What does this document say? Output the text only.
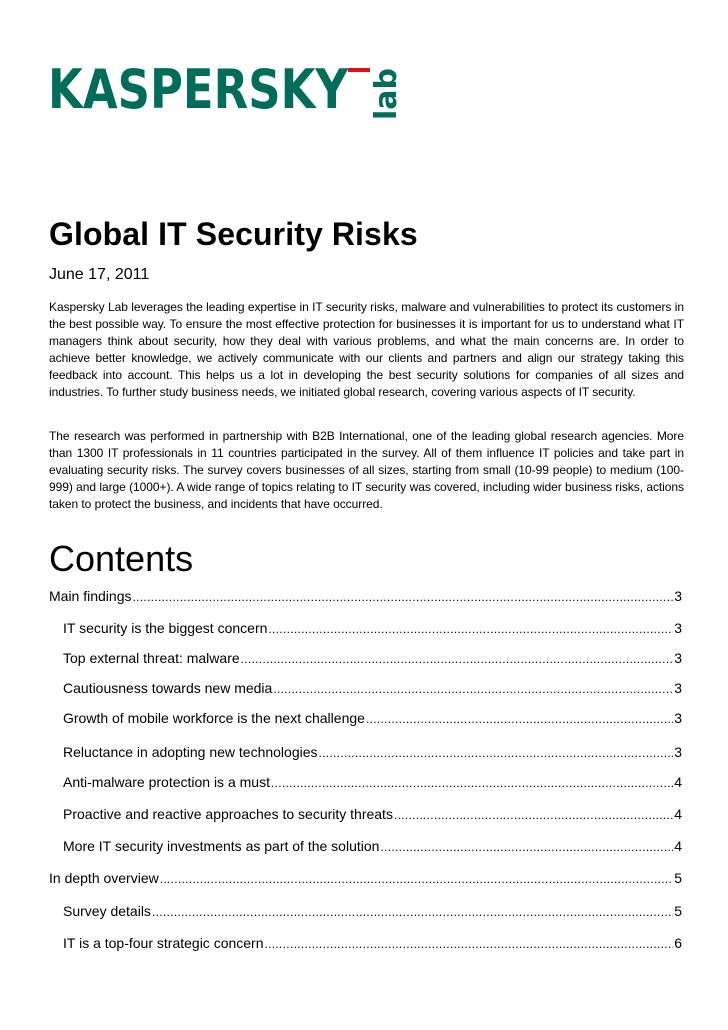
KASPERSKY lab
Global IT Security Risks
June 17, 2011

Kaspersky Lab leverages the leading expertise in IT security risks, malware and vulnerabilities to protect its customers in the best possible way. To ensure the most effective protection for businesses it is important for us to understand what IT managers think about security, how they deal with various problems, and what the main concerns are. In order to achieve better knowledge, we actively communicate with our clients and partners and align our strategy taking this feedback into account. This helps us a lot in developing the best security solutions for companies of all sizes and industries. To further study business needs, we initiated global research, covering various aspects of IT security.

The research was performed in partnership with B2B International, one of the leading global research agencies. More than 1300 IT professionals in 11 countries participated in the survey. All of them influence IT policies and take part in evaluating security risks. The survey covers businesses of all sizes, starting from small (10-99 people) to medium (100-999) and large (1000+). A wide range of topics relating to IT security was covered, including wider business risks, actions taken to protect the business, and incidents that have occurred.

Contents
Main findings .....	3
IT security is the biggest concern .....	3
Top external threat: malware .....	3
Cautiousness towards new media .....	3
Growth of mobile workforce is the next challenge .....	3
Reluctance in adopting new technologies .....	3
Anti-malware protection is a must .....	4
Proactive and reactive approaches to security threats .....	4
More IT security investments as part of the solution .....	4
In depth overview .....	5
Survey details .....	5
IT is a top-four strategic concern .....	6
